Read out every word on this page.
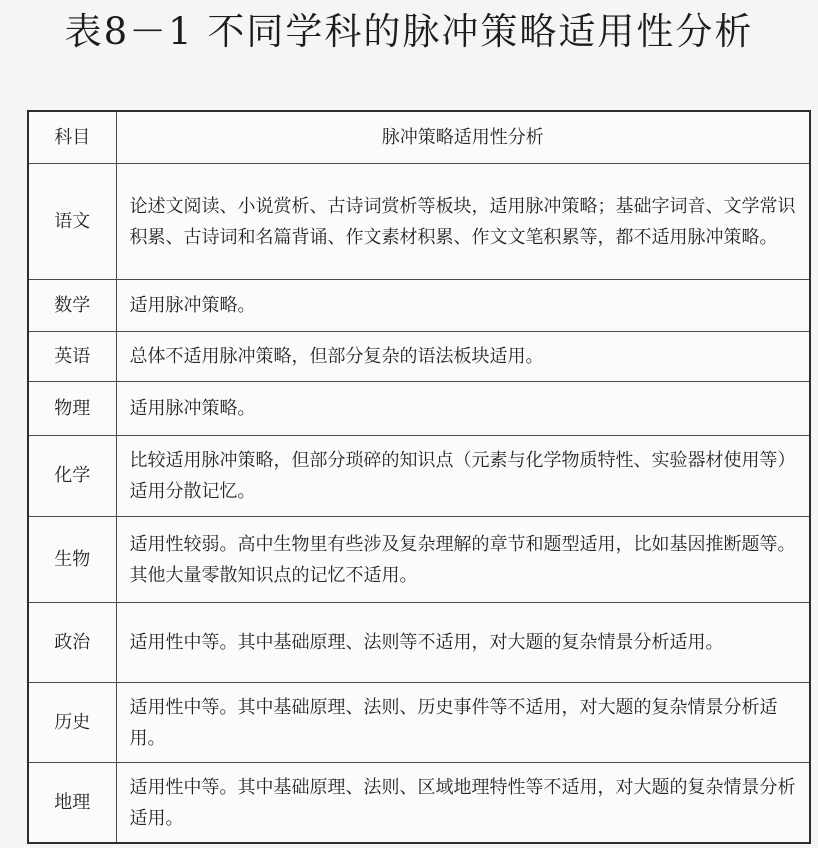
表8－1 不同学科的脉冲策略适用性分析
科目	脉冲策略适用性分析
语文	论述文阅读、小说赏析、古诗词赏析等板块，适用脉冲策略；基础字词音、文学常识积累、古诗词和名篇背诵、作文素材积累、作文文笔积累等，都不适用脉冲策略。
数学	适用脉冲策略。
英语	总体不适用脉冲策略，但部分复杂的语法板块适用。
物理	适用脉冲策略。
化学	比较适用脉冲策略，但部分琐碎的知识点（元素与化学物质特性、实验器材使用等）适用分散记忆。
生物	适用性较弱。高中生物里有些涉及复杂理解的章节和题型适用，比如基因推断题等。其他大量零散知识点的记忆不适用。
政治	适用性中等。其中基础原理、法则等不适用，对大题的复杂情景分析适用。
历史	适用性中等。其中基础原理、法则、历史事件等不适用，对大题的复杂情景分析适用。
地理	适用性中等。其中基础原理、法则、区域地理特性等不适用，对大题的复杂情景分析适用。
